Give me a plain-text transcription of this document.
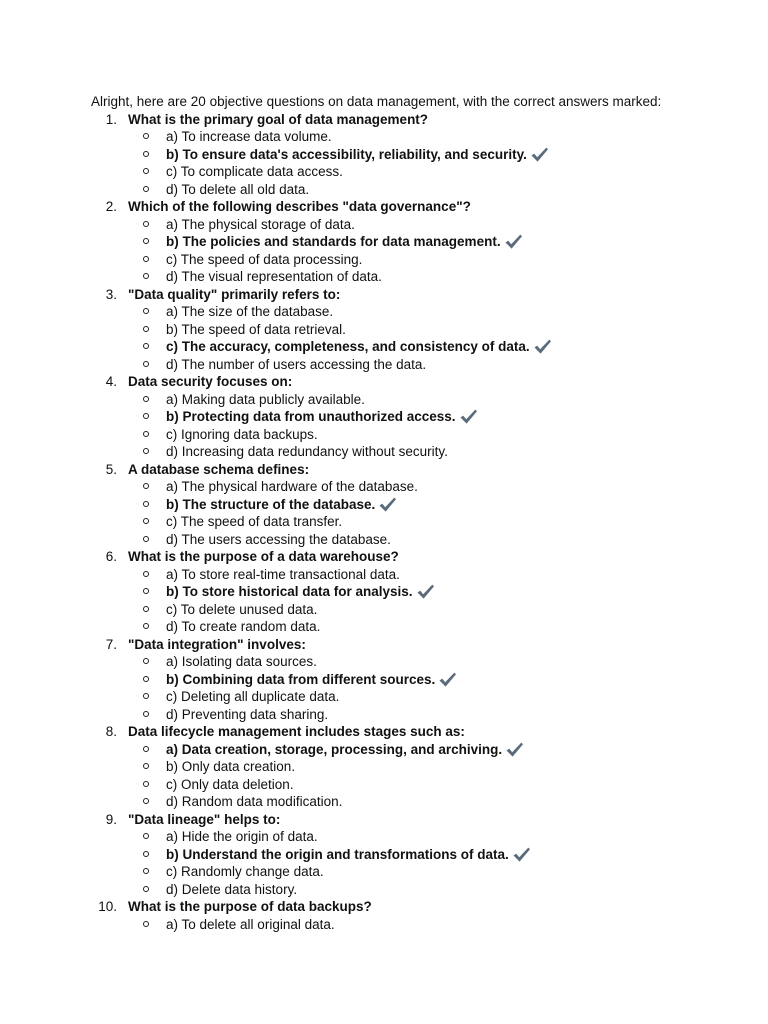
Alright, here are 20 objective questions on data management, with the correct answers marked:
1. What is the primary goal of data management?
a) To increase data volume.
b) To ensure data's accessibility, reliability, and security.
c) To complicate data access.
d) To delete all old data.
2. Which of the following describes "data governance"?
a) The physical storage of data.
b) The policies and standards for data management.
c) The speed of data processing.
d) The visual representation of data.
3. "Data quality" primarily refers to:
a) The size of the database.
b) The speed of data retrieval.
c) The accuracy, completeness, and consistency of data.
d) The number of users accessing the data.
4. Data security focuses on:
a) Making data publicly available.
b) Protecting data from unauthorized access.
c) Ignoring data backups.
d) Increasing data redundancy without security.
5. A database schema defines:
a) The physical hardware of the database.
b) The structure of the database.
c) The speed of data transfer.
d) The users accessing the database.
6. What is the purpose of a data warehouse?
a) To store real-time transactional data.
b) To store historical data for analysis.
c) To delete unused data.
d) To create random data.
7. "Data integration" involves:
a) Isolating data sources.
b) Combining data from different sources.
c) Deleting all duplicate data.
d) Preventing data sharing.
8. Data lifecycle management includes stages such as:
a) Data creation, storage, processing, and archiving.
b) Only data creation.
c) Only data deletion.
d) Random data modification.
9. "Data lineage" helps to:
a) Hide the origin of data.
b) Understand the origin and transformations of data.
c) Randomly change data.
d) Delete data history.
10. What is the purpose of data backups?
a) To delete all original data.
